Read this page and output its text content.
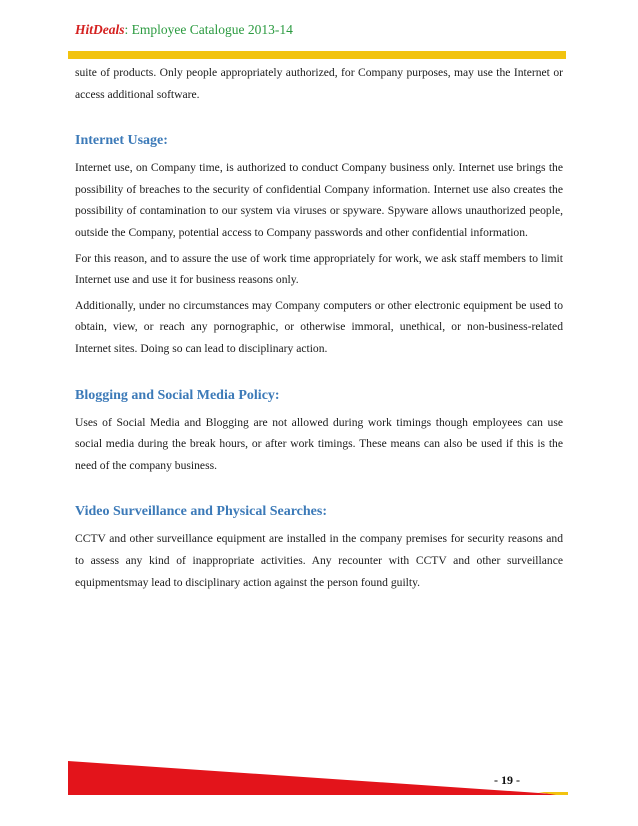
HitDeals: Employee Catalogue 2013-14

suite of products. Only people appropriately authorized, for Company purposes, may use the Internet or access additional software.

Internet Usage:

Internet use, on Company time, is authorized to conduct Company business only. Internet use brings the possibility of breaches to the security of confidential Company information. Internet use also creates the possibility of contamination to our system via viruses or spyware. Spyware allows unauthorized people, outside the Company, potential access to Company passwords and other confidential information.

For this reason, and to assure the use of work time appropriately for work, we ask staff members to limit Internet use and use it for business reasons only.

Additionally, under no circumstances may Company computers or other electronic equipment be used to obtain, view, or reach any pornographic, or otherwise immoral, unethical, or non-business-related Internet sites. Doing so can lead to disciplinary action.

Blogging and Social Media Policy:

Uses of Social Media and Blogging are not allowed during work timings though employees can use social media during the break hours, or after work timings. These means can also be used if this is the need of the company business.

Video Surveillance and Physical Searches:

CCTV and other surveillance equipment are installed in the company premises for security reasons and to assess any kind of inappropriate activities. Any recounter with CCTV and other surveillance equipmentsmay lead to disciplinary action against the person found guilty.

- 19 -
